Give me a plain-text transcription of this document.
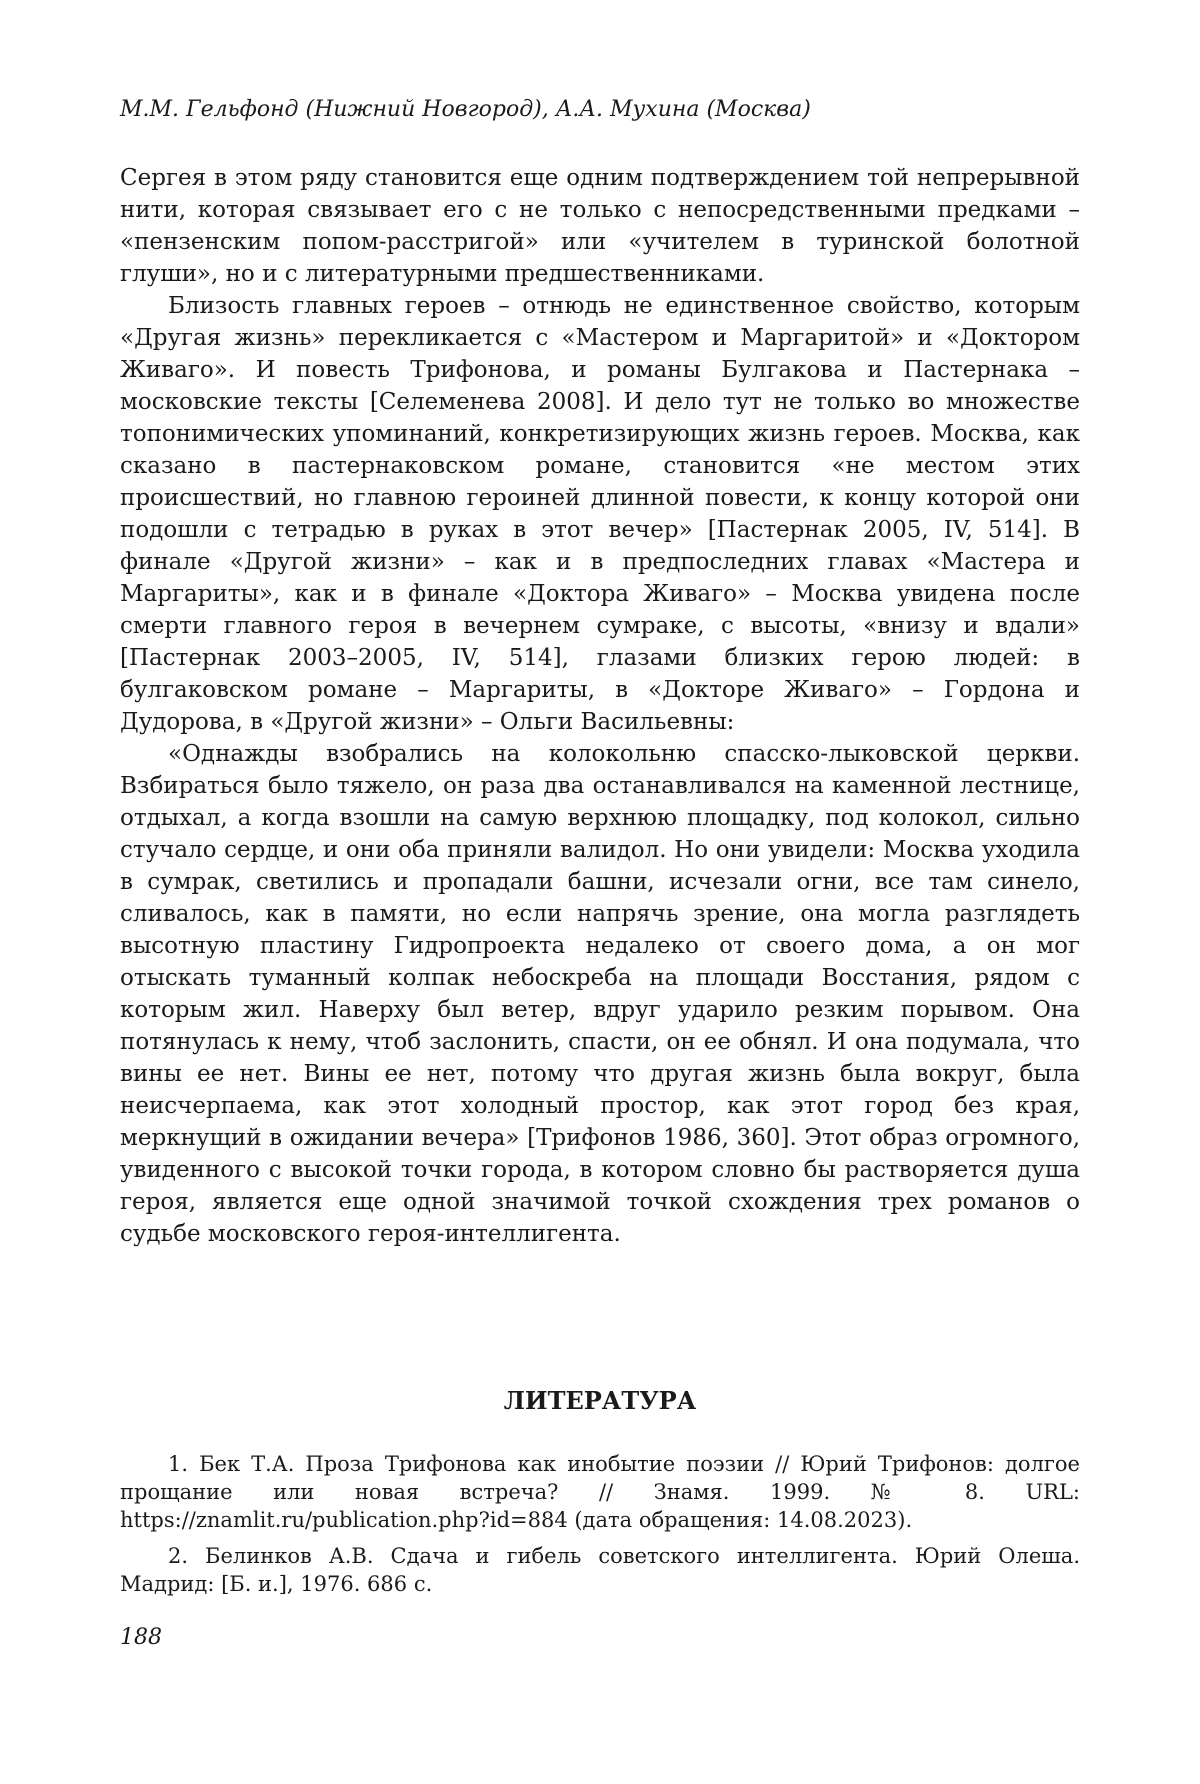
М.М. Гельфонд (Нижний Новгород), А.А. Мухина (Москва)

Сергея в этом ряду становится еще одним подтверждением той непрерывной нити, которая связывает его с не только с непосредственными предками – «пензенским попом-расстригой» или «учителем в туринской болотной глуши», но и с литературными предшественниками.

Близость главных героев – отнюдь не единственное свойство, которым «Другая жизнь» перекликается с «Мастером и Маргаритой» и «Доктором Живаго». И повесть Трифонова, и романы Булгакова и Пастернака – московские тексты [Селеменева 2008]. И дело тут не только во множестве топонимических упоминаний, конкретизирующих жизнь героев. Москва, как сказано в пастернаковском романе, становится «не местом этих происшествий, но главною героиней длинной повести, к концу которой они подошли с тетрадью в руках в этот вечер» [Пастернак 2005, IV, 514]. В финале «Другой жизни» – как и в предпоследних главах «Мастера и Маргариты», как и в финале «Доктора Живаго» – Москва увидена после смерти главного героя в вечернем сумраке, с высоты, «внизу и вдали» [Пастернак 2003–2005, IV, 514], глазами близких герою людей: в булгаковском романе – Маргариты, в «Докторе Живаго» – Гордона и Дудорова, в «Другой жизни» – Ольги Васильевны:

«Однажды взобрались на колокольню спасско-лыковской церкви. Взбираться было тяжело, он раза два останавливался на каменной лестнице, отдыхал, а когда взошли на самую верхнюю площадку, под колокол, сильно стучало сердце, и они оба приняли валидол. Но они увидели: Москва уходила в сумрак, светились и пропадали башни, исчезали огни, все там синело, сливалось, как в памяти, но если напрячь зрение, она могла разглядеть высотную пластину Гидропроекта недалеко от своего дома, а он мог отыскать туманный колпак небоскреба на площади Восстания, рядом с которым жил. Наверху был ветер, вдруг ударило резким порывом. Она потянулась к нему, чтоб заслонить, спасти, он ее обнял. И она подумала, что вины ее нет. Вины ее нет, потому что другая жизнь была вокруг, была неисчерпаема, как этот холодный простор, как этот город без края, меркнущий в ожидании вечера» [Трифонов 1986, 360]. Этот образ огромного, увиденного с высокой точки города, в котором словно бы растворяется душа героя, является еще одной значимой точкой схождения трех романов о судьбе московского героя-интеллигента.

ЛИТЕРАТУРА

1. Бек Т.А. Проза Трифонова как инобытие поэзии // Юрий Трифонов: долгое прощание или новая встреча? // Знамя. 1999. № 8. URL: https://znamlit.ru/publication.php?id=884 (дата обращения: 14.08.2023).

2. Белинков А.В. Сдача и гибель советского интеллигента. Юрий Олеша. Мадрид: [Б. и.], 1976. 686 с.

188
